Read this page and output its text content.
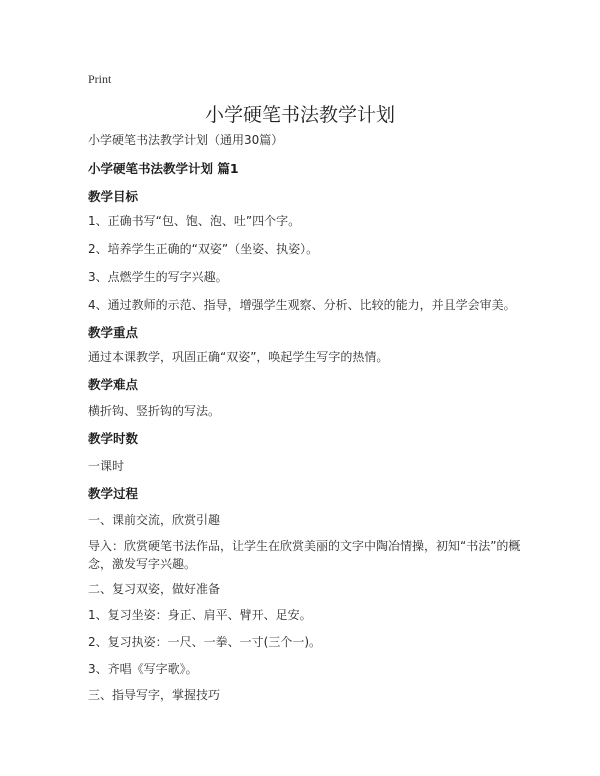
Print
小学硬笔书法教学计划
小学硬笔书法教学计划（通用30篇）
小学硬笔书法教学计划 篇1
教学目标
1、正确书写“包、饱、泡、吐”四个字。
2、培养学生正确的“双姿”（坐姿、执姿）。
3、点燃学生的写字兴趣。
4、通过教师的示范、指导，增强学生观察、分析、比较的能力，并且学会审美。
教学重点
通过本课教学，巩固正确“双姿”，唤起学生写字的热情。
教学难点
横折钩、竖折钩的写法。
教学时数
一课时
教学过程
一、课前交流，欣赏引趣
导入：欣赏硬笔书法作品，让学生在欣赏美丽的文字中陶冶情操，初知“书法”的概念，激发写字兴趣。
二、复习双姿，做好准备
1、复习坐姿：身正、肩平、臂开、足安。
2、复习执姿：一尺、一拳、一寸(三个一)。
3、齐唱《写字歌》。
三、指导写字，掌握技巧
